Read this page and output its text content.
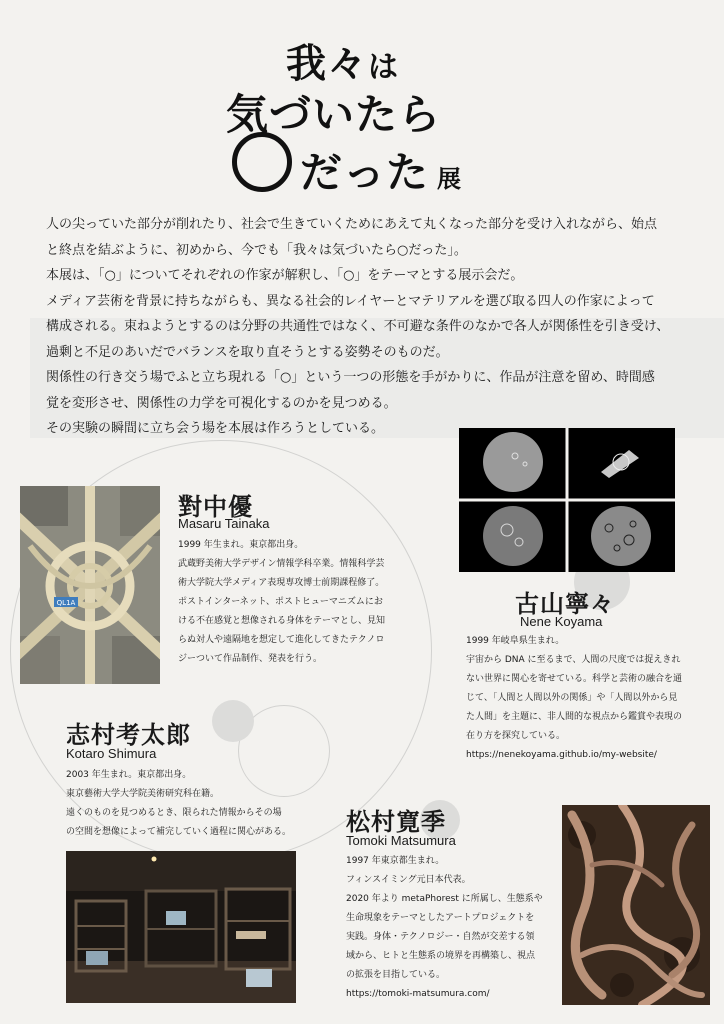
我々は
気づいたら
だった 展

人の尖っていた部分が削れたり、社会で生きていくためにあえて丸くなった部分を受け入れながら、始点

と終点を結ぶように、初めから、今でも「我々は気づいたら○だった」。

本展は、「○」についてそれぞれの作家が解釈し、「○」をテーマとする展示会だ。

メディア芸術を背景に持ちながらも、異なる社会的レイヤーとマテリアルを選び取る四人の作家によって

構成される。束ねようとするのは分野の共通性ではなく、不可避な条件のなかで各人が関係性を引き受け、

過剰と不足のあいだでバランスを取り直そうとする姿勢そのものだ。

関係性の行き交う場でふと立ち現れる「○」という一つの形態を手がかりに、作品が注意を留め、時間感

覚を変形させ、関係性の力学を可視化するのかを見つめる。

その実験の瞬間に立ち会う場を本展は作ろうとしている。

QL1A
對中優
Masaru Tainaka

1999 年生まれ。東京都出身。

武蔵野美術大学デザイン情報学科卒業。情報科学芸

術大学院大学メディア表現専攻博士前期課程修了。

ポストインターネット、ポストヒューマニズムにお

ける不在感覚と想像される身体をテーマとし、見知

らぬ対人や遠隔地を想定して進化してきたテクノロ

ジーついて作品制作、発表を行う。

古山寧々
Nene Koyama

1999 年岐阜県生まれ。

宇宙から DNA に至るまで、人間の尺度では捉えきれ

ない世界に関心を寄せている。科学と芸術の融合を通

じて、「人間と人間以外の関係」や「人間以外から見

た人間」を主題に、非人間的な視点から鑑賞や表現の

在り方を探究している。

https://nenekoyama.github.io/my-website/

志村考太郎
Kotaro Shimura

2003 年生まれ。東京都出身。

東京藝術大学大学院美術研究科在籍。

遠くのものを見つめるとき、限られた情報からその場

の空間を想像によって補完していく過程に関心がある。	松村寛季
Tomoki Matsumura

1997 年東京都生まれ。

フィンスイミング元日本代表。

2020 年より metaPhorest に所属し、生態系や

生命現象をテーマとしたアートプロジェクトを

実践。身体・テクノロジー・自然が交差する領

域から、ヒトと生態系の境界を再構築し、視点

の拡張を目指している。

https://tomoki-matsumura.com/
